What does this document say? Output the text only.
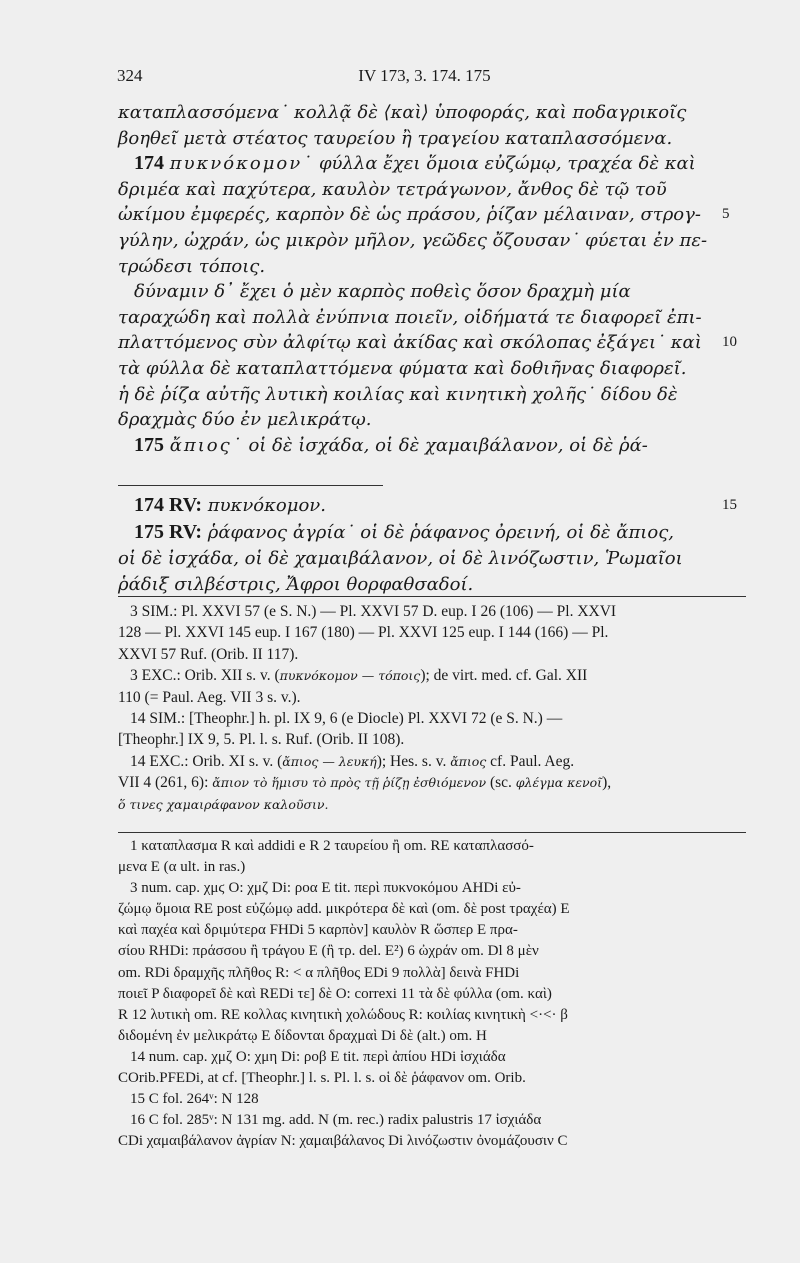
324	IV 173, 3. 174. 175
καταπλασσόμενα˙ κολλᾷ δὲ ⟨καὶ⟩ ὑποφοράς, καὶ ποδαγρικοῖς
βοηθεῖ μετὰ στέατος ταυρείου ἢ τραγείου καταπλασσόμενα.
174 πυκνόκομον˙ φύλλα ἔχει ὅμοια εὐζώμῳ, τραχέα δὲ καὶ
δριμέα καὶ παχύτερα, καυλὸν τετράγωνον, ἄνθος δὲ τῷ τοῦ
ὠκίμου ἐμφερές, καρπὸν δὲ ὡς πράσου, ῥίζαν μέλαιναν, στρογ- 5
γύλην, ὠχράν, ὡς μικρὸν μῆλον, γεῶδες ὄζουσαν˙ φύεται ἐν πε-
τρώδεσι τόποις.
δύναμιν δ᾽ ἔχει ὁ μὲν καρπὸς ποθεὶς ὅσον δραχμὴ μία
ταραχώδη καὶ πολλὰ ἐνύπνια ποιεῖν, οἰδήματά τε διαφορεῖ ἐπι-
πλαττόμενος σὺν ἀλφίτῳ καὶ ἀκίδας καὶ σκόλοπας ἐξάγει˙ καὶ 10
τὰ φύλλα δὲ καταπλαττόμενα φύματα καὶ δοθιῆνας διαφορεῖ.
ἡ δὲ ῥίζα αὐτῆς λυτικὴ κοιλίας καὶ κινητικὴ χολῆς˙ δίδου δὲ
δραχμὰς δύο ἐν μελικράτῳ.
175 ἄπιος˙ οἱ δὲ ἰσχάδα, οἱ δὲ χαμαιβάλανον, οἱ δὲ ῥά-
174 RV: πυκνόκομον.	15
175 RV: ῥάφανος ἀγρία˙ οἱ δὲ ῥάφανος ὀρεινή, οἱ δὲ ἄπιος,
οἱ δὲ ἰσχάδα, οἱ δὲ χαμαιβάλανον, οἱ δὲ λινόζωστιν, Ῥωμαῖοι
ῥάδιξ σιλβέστρις, Ἄφροι θορφαθσαδοί.
3 SIM.: Pl. XXVI 57 (e S. N.) — Pl. XXVI 57 D. eup. I 26 (106) — Pl. XXVI
128 — Pl. XXVI 145 eup. I 167 (180) — Pl. XXVI 125 eup. I 144 (166) — Pl.
XXVI 57 Ruf. (Orib. II 117).
3 EXC.: Orib. XII s. v. (πυκνόκομον — τόποις); de virt. med. cf. Gal. XII
110 (= Paul. Aeg. VII 3 s. v.).
14 SIM.: [Theophr.] h. pl. IX 9, 6 (e Diocle) Pl. XXVI 72 (e S. N.) —
[Theophr.] IX 9, 5. Pl. l. s. Ruf. (Orib. II 108).
14 EXC.: Orib. XI s. v. (ἄπιος — λευκή); Hes. s. v. ἄπιος cf. Paul. Aeg.
VII 4 (261, 6): ἄπιον τὸ ἥμισυ τὸ πρὸς τῇ ῥίζῃ ἐσθιόμενον (sc. φλέγμα κενοῖ),
ὅ τινες χαμαιράφανον καλοῦσιν.
1 καταπλασμα R καὶ addidi e R 2 ταυρείου ἢ om. RE καταπλασσό-
μενα E (α ult. in ras.)
3 num. cap. χμϛ O: χμζ Di: ροα E tit. περὶ πυκνοκόμου AHDi εὐ-
ζώμῳ ὅμοια RE post εὐζώμῳ add. μικρότερα δὲ καὶ (om. δὲ post τραχέα) E
καὶ παχέα καὶ δριμύτερα FHDi 5 καρπὸν] καυλὸν R ὥσπερ E πρα-
σίου RHDi: πράσσου ἢ τράγου E (ἢ τρ. del. E²) 6 ὠχράν om. Dl 8 μὲν
om. RDi δραμχῆς πλῆθος R: < α πλῆθος EDi 9 πολλὰ] δεινὰ FHDi
ποιεῖ P διαφορεῖ δὲ καὶ REDi τε] δὲ O: correxi 11 τὰ δὲ φύλλα (om. καὶ)
R 12 λυτικὴ om. RE κολλας κινητικὴ χολώδους R: κοιλίας κινητικὴ <·<· β
διδομένη ἐν μελικράτῳ E δίδονται δραχμαὶ Di δὲ (alt.) om. H
14 num. cap. χμζ O: χμη Di: ροβ E tit. περὶ ἀπίου HDi ἰσχιάδα
COrib.PFEDi, at cf. [Theophr.] l. s. Pl. l. s. οἱ δὲ ῥάφανον om. Orib.
15 C fol. 264ᵛ: N 128
16 C fol. 285ᵛ: N 131 mg. add. N (m. rec.) radix palustris 17 ἰσχιάδα
CDi χαμαιβάλανον ἀγρίαν N: χαμαιβάλανος Di λινόζωστιν ὀνομάζουσιν C
